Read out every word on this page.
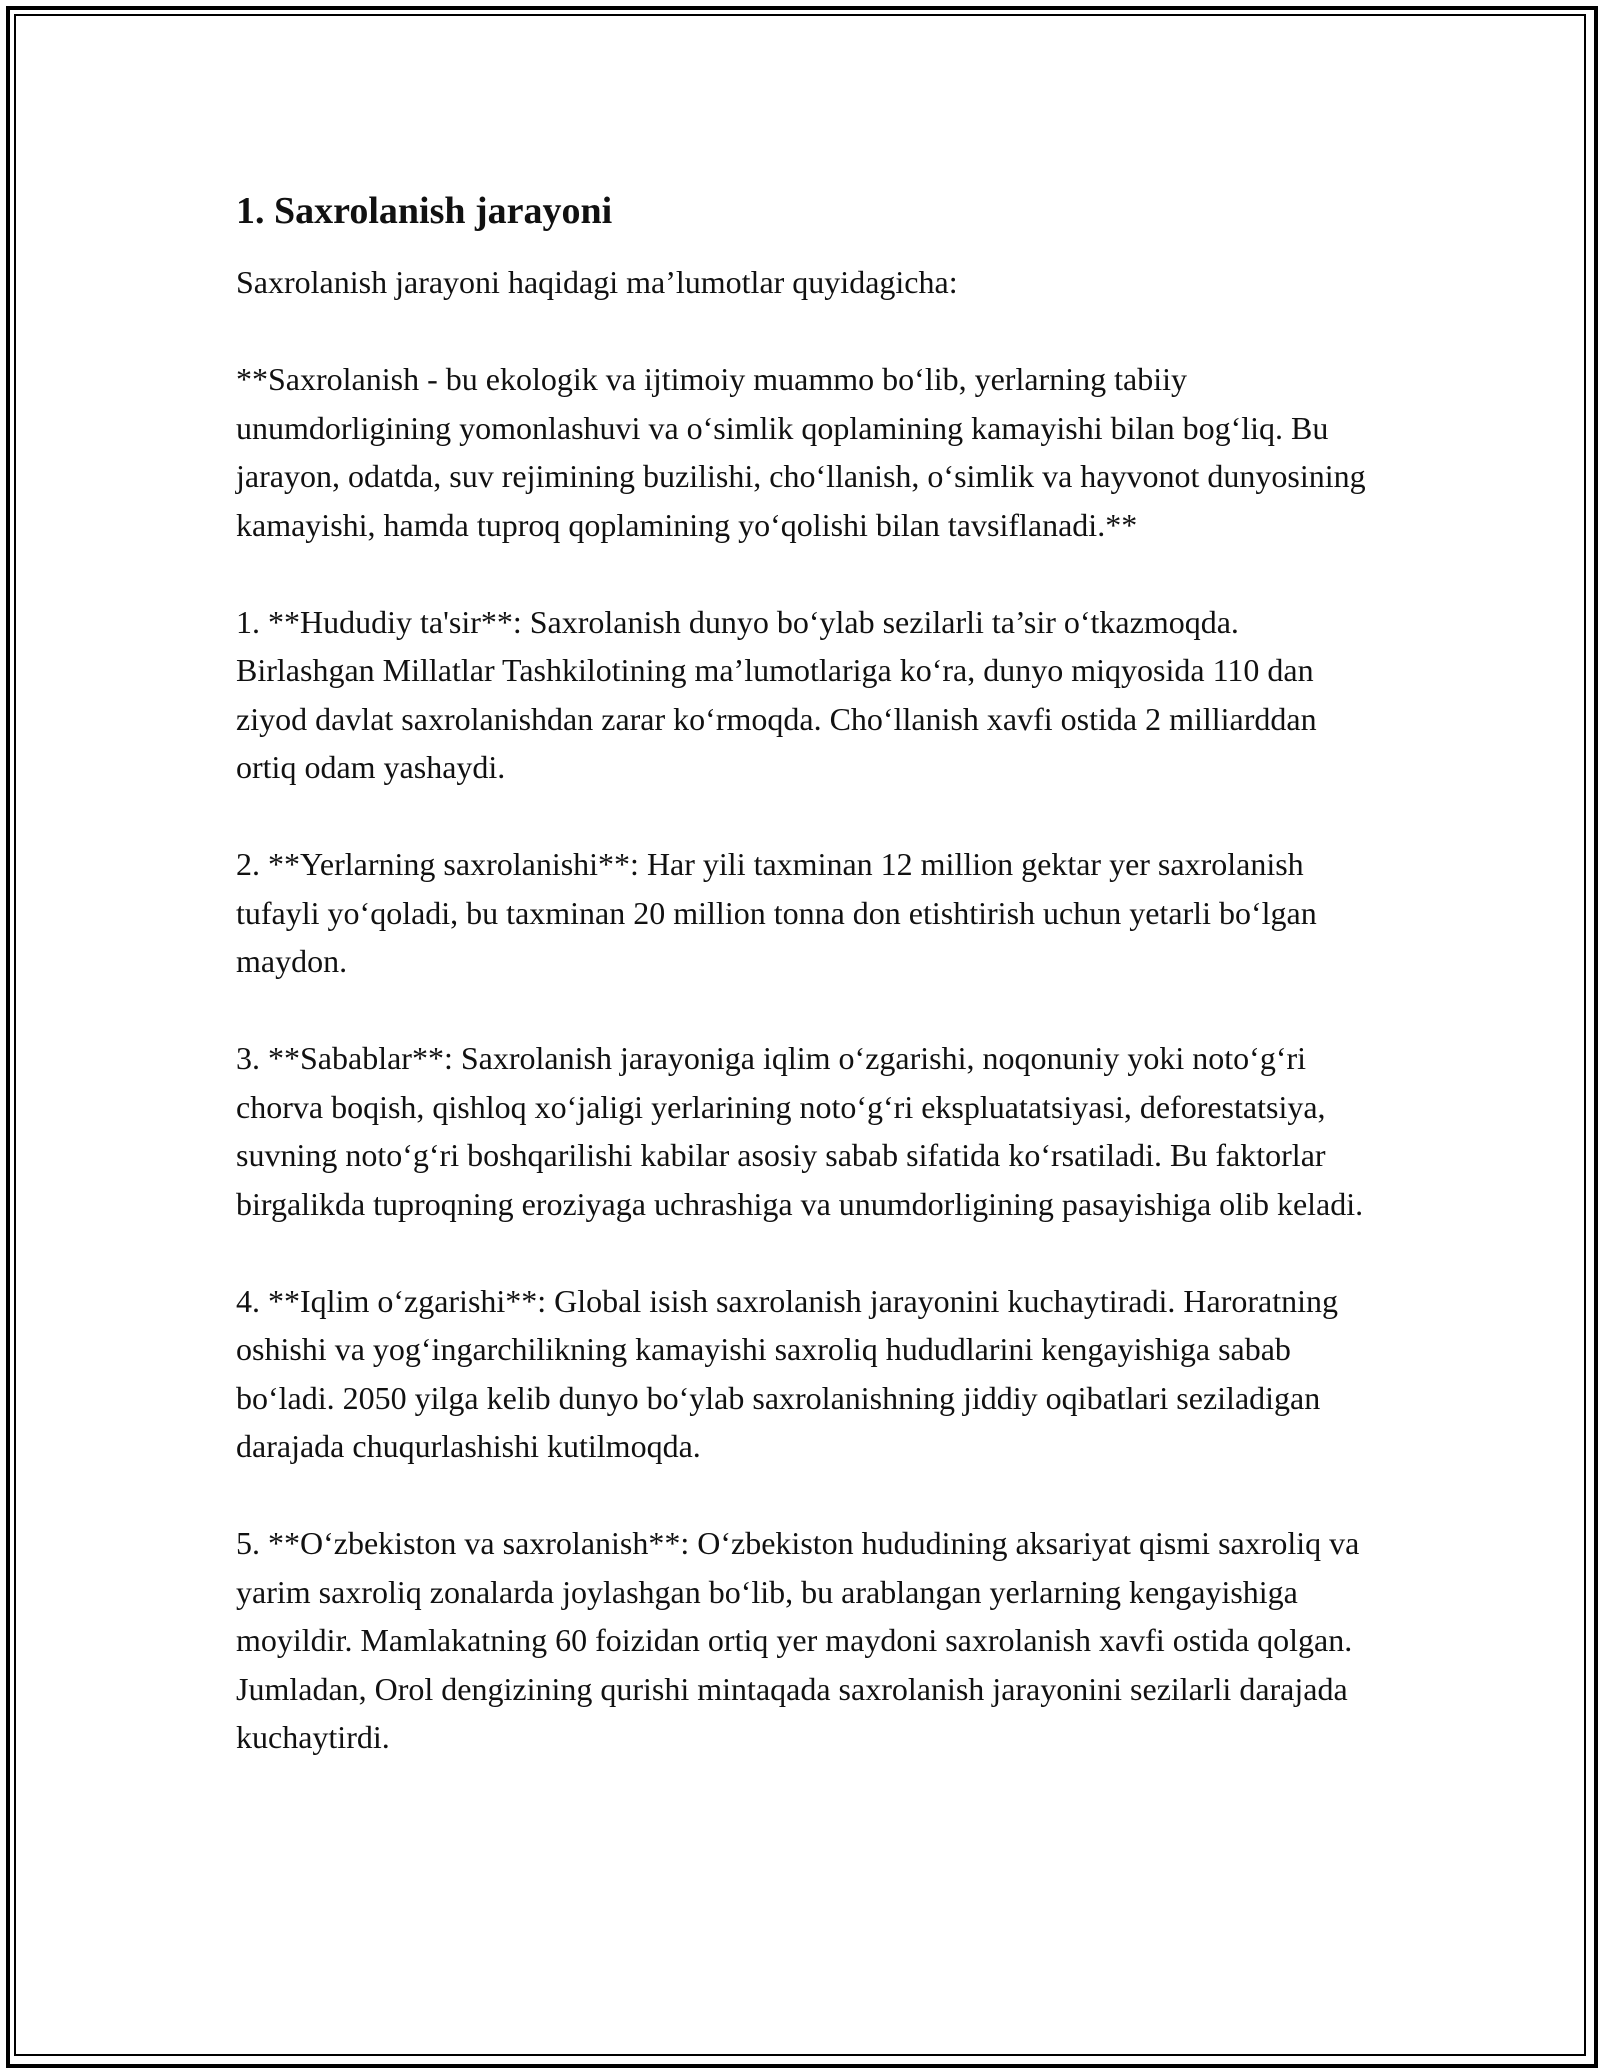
1. Saxrolanish jarayoni

Saxrolanish jarayoni haqidagi ma’lumotlar quyidagicha:

**Saxrolanish - bu ekologik va ijtimoiy muammo bo‘lib, yerlarning tabiiy unumdorligining yomonlashuvi va o‘simlik qoplamining kamayishi bilan bog‘liq. Bu jarayon, odatda, suv rejimining buzilishi, cho‘llanish, o‘simlik va hayvonot dunyosining kamayishi, hamda tuproq qoplamining yo‘qolishi bilan tavsiflanadi.**

1. **Hududiy ta'sir**: Saxrolanish dunyo bo‘ylab sezilarli ta’sir o‘tkazmoqda. Birlashgan Millatlar Tashkilotining ma’lumotlariga ko‘ra, dunyo miqyosida 110 dan ziyod davlat saxrolanishdan zarar ko‘rmoqda. Cho‘llanish xavfi ostida 2 milliarddan ortiq odam yashaydi.

2. **Yerlarning saxrolanishi**: Har yili taxminan 12 million gektar yer saxrolanish tufayli yo‘qoladi, bu taxminan 20 million tonna don etishtirish uchun yetarli bo‘lgan maydon.

3. **Sabablar**: Saxrolanish jarayoniga iqlim o‘zgarishi, noqonuniy yoki noto‘g‘ri chorva boqish, qishloq xo‘jaligi yerlarining noto‘g‘ri ekspluatatsiyasi, deforestatsiya, suvning noto‘g‘ri boshqarilishi kabilar asosiy sabab sifatida ko‘rsatiladi. Bu faktorlar birgalikda tuproqning eroziyaga uchrashiga va unumdorligining pasayishiga olib keladi.

4. **Iqlim o‘zgarishi**: Global isish saxrolanish jarayonini kuchaytiradi. Haroratning oshishi va yog‘ingarchilikning kamayishi saxroliq hududlarini kengayishiga sabab bo‘ladi. 2050 yilga kelib dunyo bo‘ylab saxrolanishning jiddiy oqibatlari seziladigan darajada chuqurlashishi kutilmoqda.

5. **O‘zbekiston va saxrolanish**: O‘zbekiston hududining aksariyat qismi saxroliq va yarim saxroliq zonalarda joylashgan bo‘lib, bu arablangan yerlarning kengayishiga moyildir. Mamlakatning 60 foizidan ortiq yer maydoni saxrolanish xavfi ostida qolgan. Jumladan, Orol dengizining qurishi mintaqada saxrolanish jarayonini sezilarli darajada kuchaytirdi.
